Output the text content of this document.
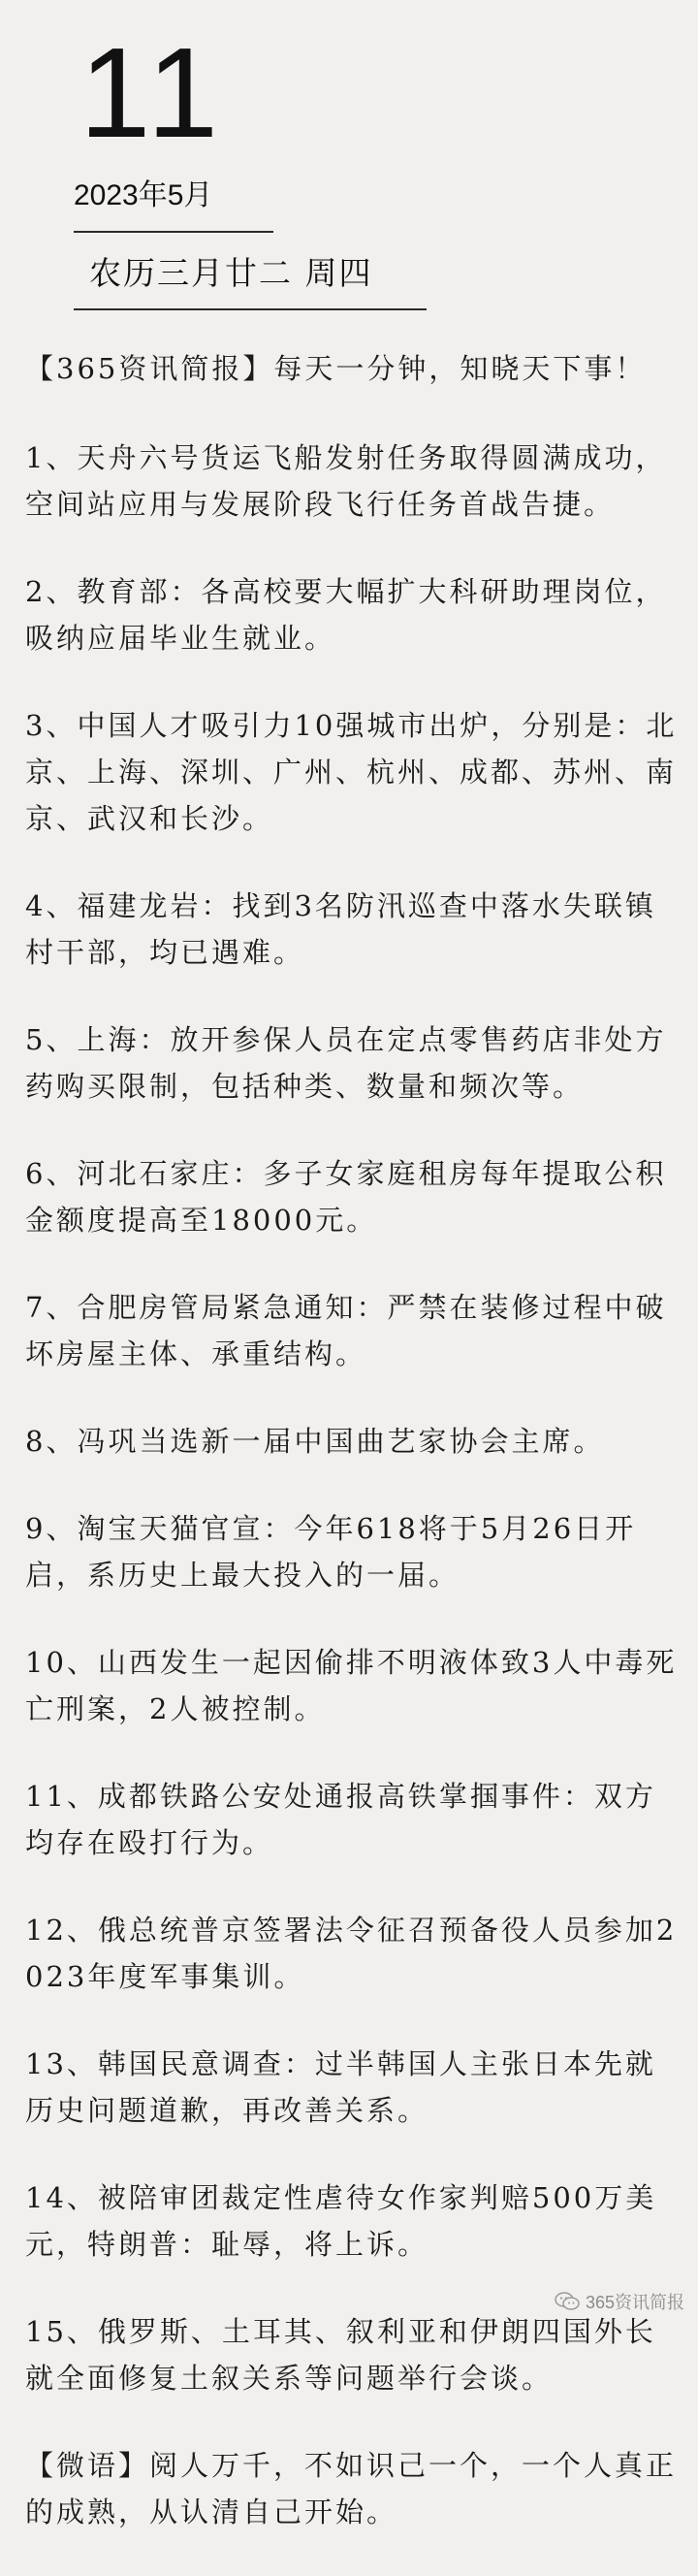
11
2023年5月
农历三月廿二 周四

【365资讯简报】每天一分钟，知晓天下事！

1、天舟六号货运飞船发射任务取得圆满成功，空间站应用与发展阶段飞行任务首战告捷。

2、教育部：各高校要大幅扩大科研助理岗位，吸纳应届毕业生就业。

3、中国人才吸引力10强城市出炉，分别是：北京、上海、深圳、广州、杭州、成都、苏州、南京、武汉和长沙。

4、福建龙岩：找到3名防汛巡查中落水失联镇村干部，均已遇难。

5、上海：放开参保人员在定点零售药店非处方药购买限制，包括种类、数量和频次等。

6、河北石家庄：多子女家庭租房每年提取公积金额度提高至18000元。

7、合肥房管局紧急通知：严禁在装修过程中破坏房屋主体、承重结构。

8、冯巩当选新一届中国曲艺家协会主席。

9、淘宝天猫官宣：今年618将于5月26日开启，系历史上最大投入的一届。

10、山西发生一起因偷排不明液体致3人中毒死亡刑案，2人被控制。

11、成都铁路公安处通报高铁掌掴事件：双方均存在殴打行为。

12、俄总统普京签署法令征召预备役人员参加2023年度军事集训。

13、韩国民意调查：过半韩国人主张日本先就历史问题道歉，再改善关系。

14、被陪审团裁定性虐待女作家判赔500万美元，特朗普：耻辱，将上诉。

15、俄罗斯、土耳其、叙利亚和伊朗四国外长就全面修复土叙关系等问题举行会谈。

【微语】阅人万千，不如识己一个，一个人真正的成熟，从认清自己开始。

365资讯简报
